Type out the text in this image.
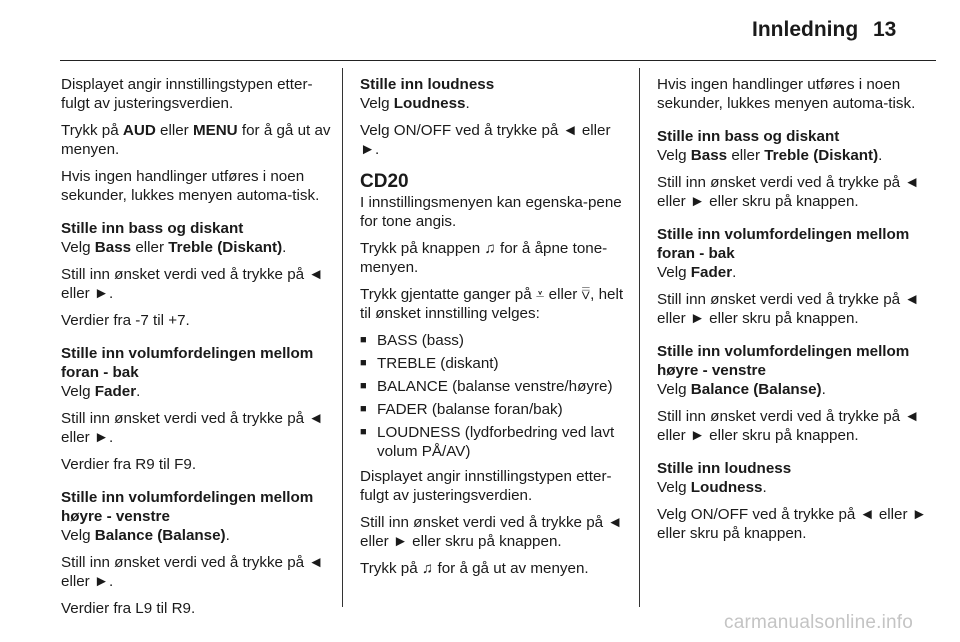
Innledning 13

Displayet angir innstillingstypen etter-fulgt av justeringsverdien.

Trykk på AUD eller MENU for å gå ut av menyen.

Hvis ingen handlinger utføres i noen sekunder, lukkes menyen automa-tisk.

Stille inn bass og diskant

Velg Bass eller Treble (Diskant).

Still inn ønsket verdi ved å trykke på ◄ eller ►.

Verdier fra -7 til +7.

Stille inn volumfordelingen mellom foran - bak

Velg Fader.

Still inn ønsket verdi ved å trykke på ◄ eller ►.

Verdier fra R9 til F9.

Stille inn volumfordelingen mellom høyre - venstre

Velg Balance (Balanse).

Still inn ønsket verdi ved å trykke på ◄ eller ►.

Verdier fra L9 til R9.

Stille inn loudness

Velg Loudness.

Velg ON/OFF ved å trykke på ◄ eller ►.

CD20

I innstillingsmenyen kan egenska-pene for tone angis.

Trykk på knappen ♫ for å åpne tone-menyen.

Trykk gjentatte ganger på ⩡ eller ⩢, helt til ønsket innstilling velges:

■ BASS (bass)
■ TREBLE (diskant)
■ BALANCE (balanse venstre/høyre)
■ FADER (balanse foran/bak)
■ LOUDNESS (lydforbedring ved lavt volum PÅ/AV)

Displayet angir innstillingstypen etter-fulgt av justeringsverdien.

Still inn ønsket verdi ved å trykke på ◄ eller ► eller skru på knappen.

Trykk på ♫ for å gå ut av menyen.

Hvis ingen handlinger utføres i noen sekunder, lukkes menyen automa-tisk.

Stille inn bass og diskant

Velg Bass eller Treble (Diskant).

Still inn ønsket verdi ved å trykke på ◄ eller ► eller skru på knappen.

Stille inn volumfordelingen mellom foran - bak

Velg Fader.

Still inn ønsket verdi ved å trykke på ◄ eller ► eller skru på knappen.

Stille inn volumfordelingen mellom høyre - venstre

Velg Balance (Balanse).

Still inn ønsket verdi ved å trykke på ◄ eller ► eller skru på knappen.

Stille inn loudness

Velg Loudness.

Velg ON/OFF ved å trykke på ◄ eller ► eller skru på knappen.

carmanualsonline.info
